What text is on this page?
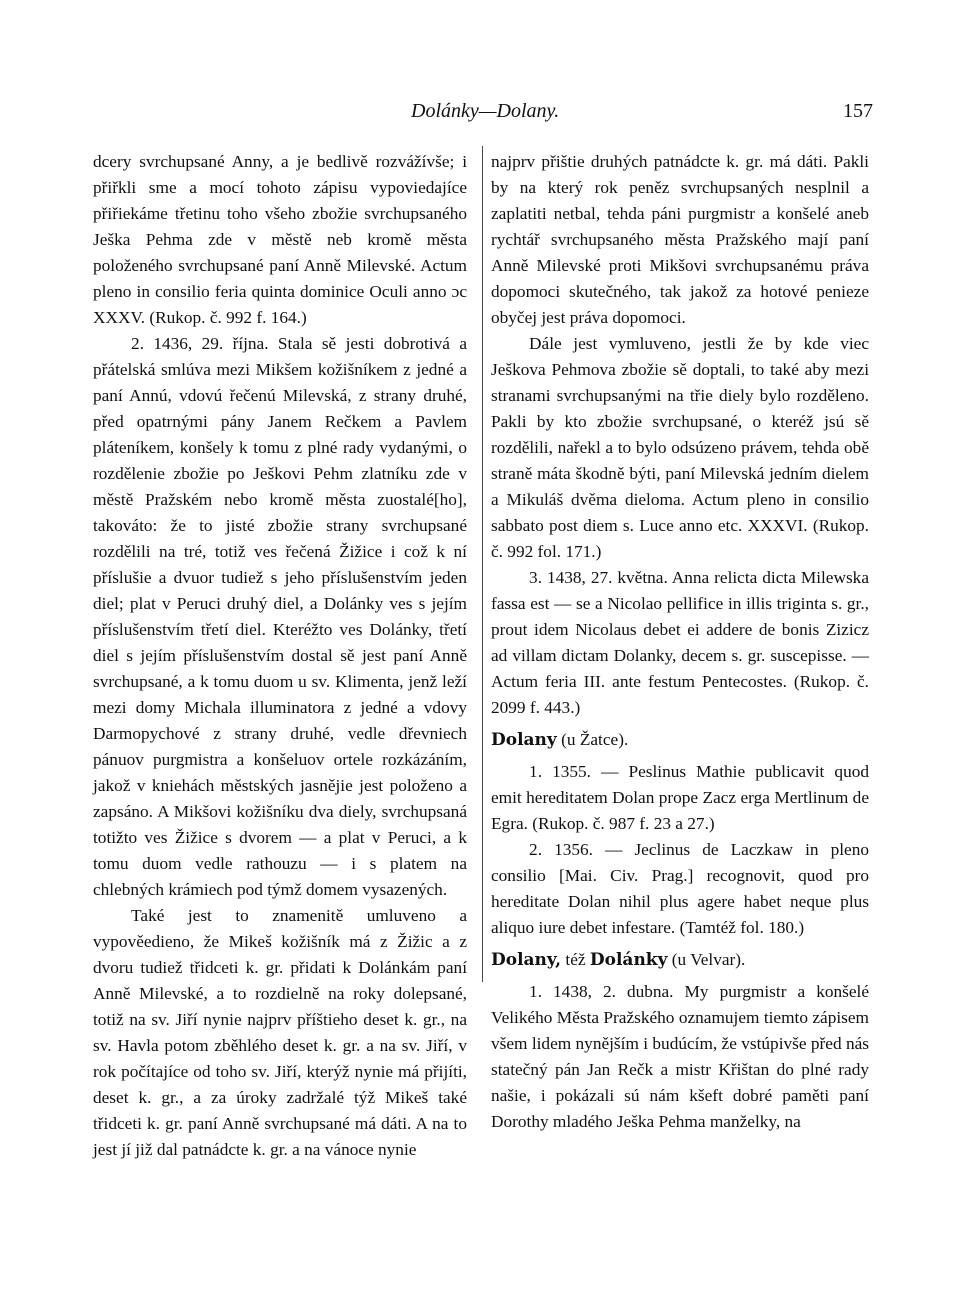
Dolánky—Dolany.	157

dcery svrchupsané Anny, a je bedlivě rozvážívše; i přiřkli sme a mocí tohoto zápisu vypoviedajíce přiřiekáme třetinu toho všeho zbožie svrchupsaného Ješka Pehma zde v městě neb kromě města položeného svrchupsané paní Anně Milevské. Actum pleno in consilio feria quinta dominice Oculi anno ɔc XXXV. (Rukop. č. 992 f. 164.)

2. 1436, 29. října. Stala sě jesti dobrotivá a přátelská smlúva mezi Mikšem kožišníkem z jedné a paní Annú, vdovú řečenú Milevská, z strany druhé, před opatrnými pány Janem Rečkem a Pavlem pláteníkem, konšely k tomu z plné rady vydanými, o rozdělenie zbožie po Ješkovi Pehm zlatníku zde v městě Pražském nebo kromě města zuostalé[ho], takováto: že to jisté zbožie strany svrchupsané rozdělili na tré, totiž ves řečená Žižice i což k ní příslušie a dvuor tudiež s jeho příslušenstvím jeden diel; plat v Peruci druhý diel, a Dolánky ves s jejím příslušenstvím třetí diel. Kteréžto ves Dolánky, třetí diel s jejím příslušenstvím dostal sě jest paní Anně svrchupsané, a k tomu duom u sv. Klimenta, jenž leží mezi domy Michala illuminatora z jedné a vdovy Darmopychové z strany druhé, vedle dřevniech pánuov purgmistra a konšeluov ortele rozkázáním, jakož v kniehách městských jasnějie jest položeno a zapsáno. A Mikšovi kožišníku dva diely, svrchupsaná totižto ves Žižice s dvorem — a plat v Peruci, a k tomu duom vedle rathouzu — i s platem na chlebných krámiech pod týmž domem vysazených.

Také jest to znamenitě umluveno a vypověedieno, že Mikeš kožišník má z Žižic a z dvoru tudiež třidceti k. gr. přidati k Dolánkám paní Anně Milevské, a to rozdielně na roky dolepsané, totiž na sv. Jiří nynie najprv příštieho deset k. gr., na sv. Havla potom zběhlého deset k. gr. a na sv. Jiří, v rok počítajíce od toho sv. Jiří, kterýž nynie má přijíti, deset k. gr., a za úroky zadržalé týž Mikeš také třidceti k. gr. paní Anně svrchupsané má dáti. A na to jest jí již dal patnádcte k. gr. a na vánoce nynie

najprv přištie druhých patnádcte k. gr. má dáti. Pakli by na který rok peněz svrchupsaných nesplnil a zaplatiti netbal, tehda páni purgmistr a konšelé aneb rychtář svrchupsaného města Pražského mají paní Anně Milevské proti Mikšovi svrchupsanému práva dopomoci skutečného, tak jakož za hotové penieze obyčej jest práva dopomoci.

Dále jest vymluveno, jestli že by kde viec Ješkova Pehmova zbožie sě doptali, to také aby mezi stranami svrchupsanými na třie diely bylo rozděleno. Pakli by kto zbožie svrchupsané, o kteréž jsú sě rozdělili, nařekl a to bylo odsúzeno právem, tehda obě straně máta škodně býti, paní Milevská jedním dielem a Mikuláš dvěma dieloma. Actum pleno in consilio sabbato post diem s. Luce anno etc. XXXVI. (Rukop. č. 992 fol. 171.)

3. 1438, 27. května. Anna relicta dicta Milewska fassa est — se a Nicolao pellifice in illis triginta s. gr., prout idem Nicolaus debet ei addere de bonis Zizicz ad villam dictam Dolanky, decem s. gr. suscepisse. — Actum feria III. ante festum Pentecostes. (Rukop. č. 2099 f. 443.)

Dolany (u Žatce).

1. 1355. — Peslinus Mathie publicavit quod emit hereditatem Dolan prope Zacz erga Mertlinum de Egra. (Rukop. č. 987 f. 23 a 27.)

2. 1356. — Jeclinus de Laczkaw in pleno consilio [Mai. Civ. Prag.] recognovit, quod pro hereditate Dolan nihil plus agere habet neque plus aliquo iure debet infestare. (Tamtéž fol. 180.)

Dolany, též Dolánky (u Velvar).

1. 1438, 2. dubna. My purgmistr a konšelé Velikého Města Pražského oznamujem tiemto zápisem všem lidem nynějším i budúcím, že vstúpivše před nás statečný pán Jan Rečk a mistr Křištan do plné rady našie, i pokázali sú nám kšeft dobré paměti paní Dorothy mladého Ješka Pehma manželky, na
